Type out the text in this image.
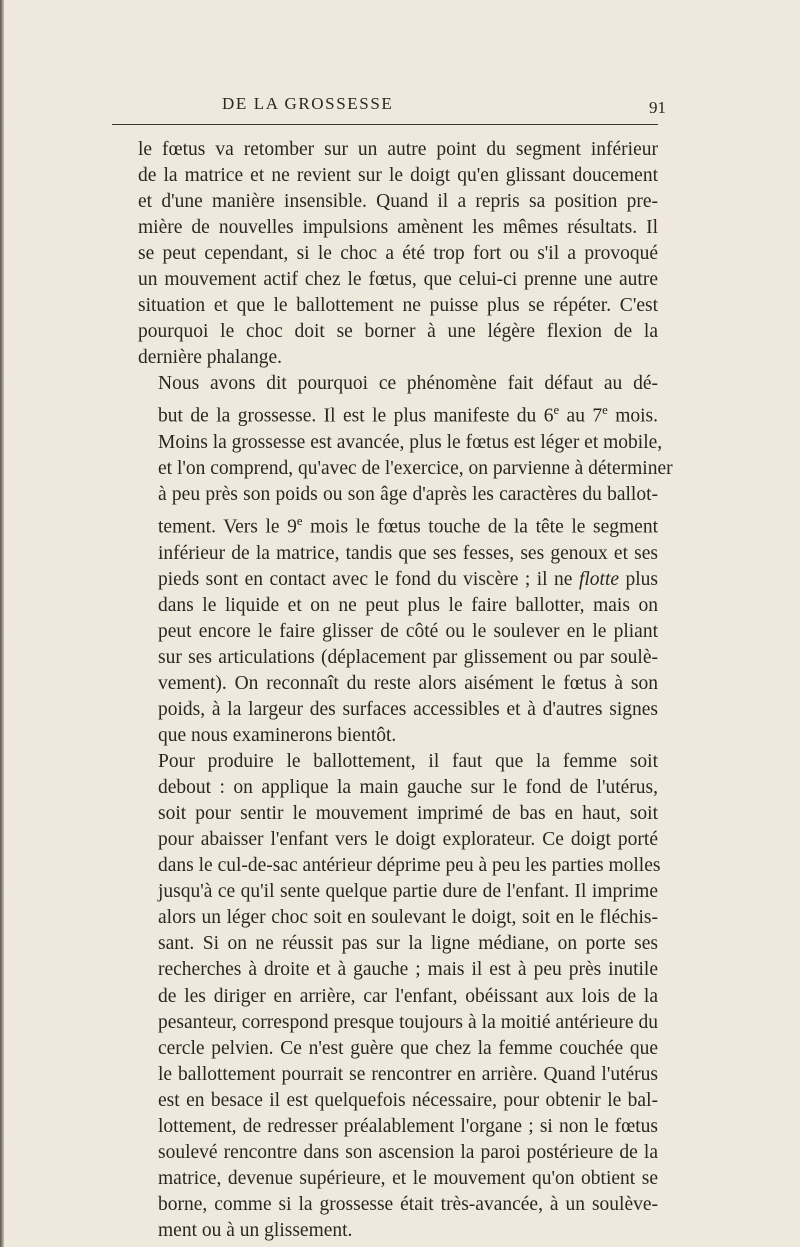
DE LA GROSSESSE	91

le fœtus va retomber sur un autre point du segment inférieur
de la matrice et ne revient sur le doigt qu'en glissant doucement
et d'une manière insensible. Quand il a repris sa position pre-
mière de nouvelles impulsions amènent les mêmes résultats. Il
se peut cependant, si le choc a été trop fort ou s'il a provoqué
un mouvement actif chez le fœtus, que celui-ci prenne une autre
situation et que le ballottement ne puisse plus se répéter. C'est
pourquoi le choc doit se borner à une légère flexion de la
dernière phalange.

Nous avons dit pourquoi ce phénomène fait défaut au dé-
but de la grossesse. Il est le plus manifeste du 6e au 7e mois.
Moins la grossesse est avancée, plus le fœtus est léger et mobile,
et l'on comprend, qu'avec de l'exercice, on parvienne à déterminer
à peu près son poids ou son âge d'après les caractères du ballot-
tement. Vers le 9e mois le fœtus touche de la tête le segment
inférieur de la matrice, tandis que ses fesses, ses genoux et ses
pieds sont en contact avec le fond du viscère ; il ne flotte plus
dans le liquide et on ne peut plus le faire ballotter, mais on
peut encore le faire glisser de côté ou le soulever en le pliant
sur ses articulations (déplacement par glissement ou par soulè-
vement). On reconnaît du reste alors aisément le fœtus à son
poids, à la largeur des surfaces accessibles et à d'autres signes
que nous examinerons bientôt.

Pour produire le ballottement, il faut que la femme soit
debout : on applique la main gauche sur le fond de l'utérus,
soit pour sentir le mouvement imprimé de bas en haut, soit
pour abaisser l'enfant vers le doigt explorateur. Ce doigt porté
dans le cul-de-sac antérieur déprime peu à peu les parties molles
jusqu'à ce qu'il sente quelque partie dure de l'enfant. Il imprime
alors un léger choc soit en soulevant le doigt, soit en le fléchis-
sant. Si on ne réussit pas sur la ligne médiane, on porte ses
recherches à droite et à gauche ; mais il est à peu près inutile
de les diriger en arrière, car l'enfant, obéissant aux lois de la
pesanteur, correspond presque toujours à la moitié antérieure du
cercle pelvien. Ce n'est guère que chez la femme couchée que
le ballottement pourrait se rencontrer en arrière. Quand l'utérus
est en besace il est quelquefois nécessaire, pour obtenir le bal-
lottement, de redresser préalablement l'organe ; si non le fœtus
soulevé rencontre dans son ascension la paroi postérieure de la
matrice, devenue supérieure, et le mouvement qu'on obtient se
borne, comme si la grossesse était très-avancée, à un soulève-
ment ou à un glissement.
